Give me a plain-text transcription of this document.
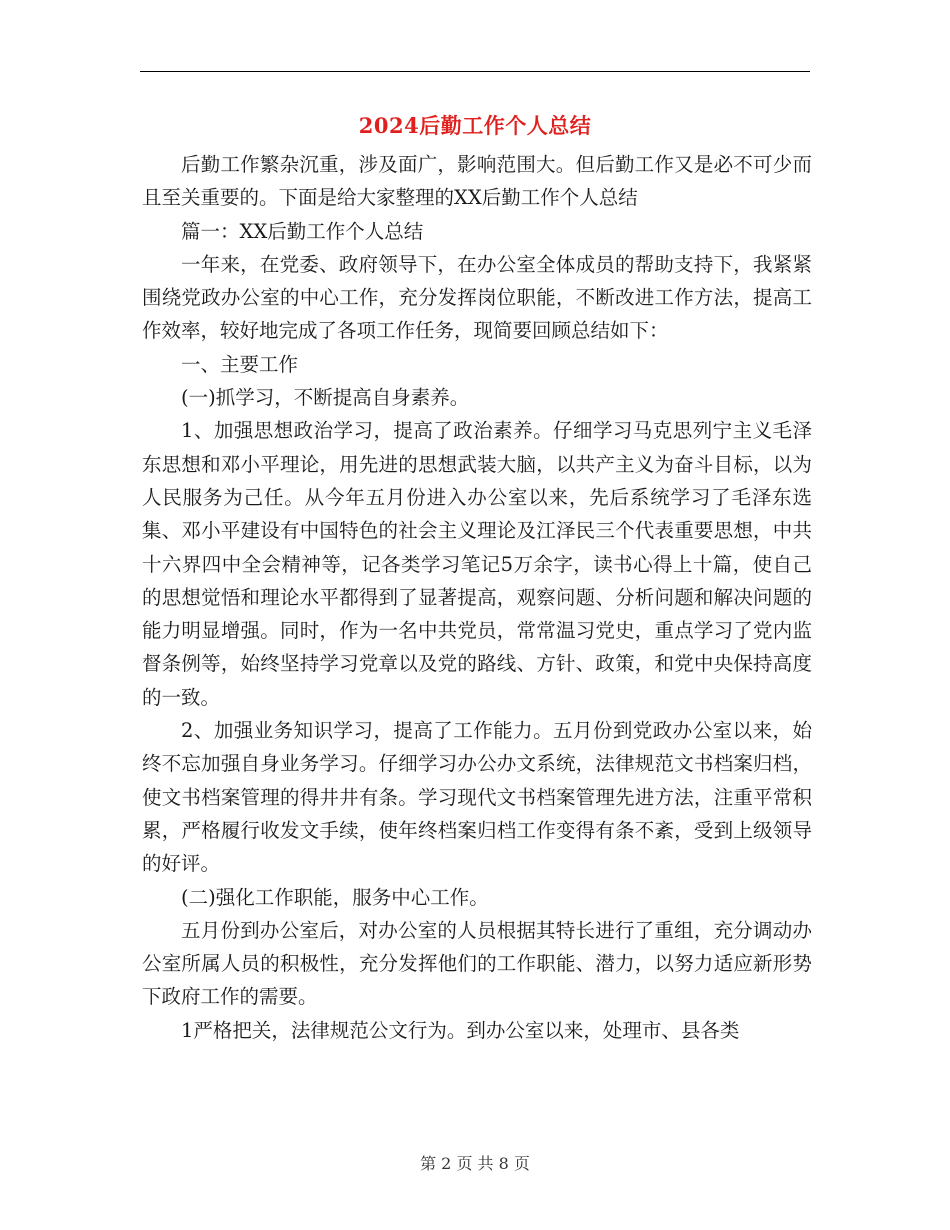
2024后勤工作个人总结

后勤工作繁杂沉重，涉及面广，影响范围大。但后勤工作又是必不可少而且至关重要的。下面是给大家整理的XX后勤工作个人总结

篇一：XX后勤工作个人总结

一年来，在党委、政府领导下，在办公室全体成员的帮助支持下，我紧紧围绕党政办公室的中心工作，充分发挥岗位职能，不断改进工作方法，提高工作效率，较好地完成了各项工作任务，现简要回顾总结如下：

一、主要工作

(一)抓学习，不断提高自身素养。

1、加强思想政治学习，提高了政治素养。仔细学习马克思列宁主义毛泽东思想和邓小平理论，用先进的思想武装大脑，以共产主义为奋斗目标，以为人民服务为己任。从今年五月份进入办公室以来，先后系统学习了毛泽东选集、邓小平建设有中国特色的社会主义理论及江泽民三个代表重要思想，中共十六界四中全会精神等，记各类学习笔记5万余字，读书心得上十篇，使自己的思想觉悟和理论水平都得到了显著提高，观察问题、分析问题和解决问题的能力明显增强。同时，作为一名中共党员，常常温习党史，重点学习了党内监督条例等，始终坚持学习党章以及党的路线、方针、政策，和党中央保持高度的一致。

2、加强业务知识学习，提高了工作能力。五月份到党政办公室以来，始终不忘加强自身业务学习。仔细学习办公办文系统，法律规范文书档案归档，使文书档案管理的得井井有条。学习现代文书档案管理先进方法，注重平常积累，严格履行收发文手续，使年终档案归档工作变得有条不紊，受到上级领导的好评。

(二)强化工作职能，服务中心工作。

五月份到办公室后，对办公室的人员根据其特长进行了重组，充分调动办公室所属人员的积极性，充分发挥他们的工作职能、潜力，以努力适应新形势下政府工作的需要。

1严格把关，法律规范公文行为。到办公室以来，处理市、县各类

第 2 页 共 8 页
